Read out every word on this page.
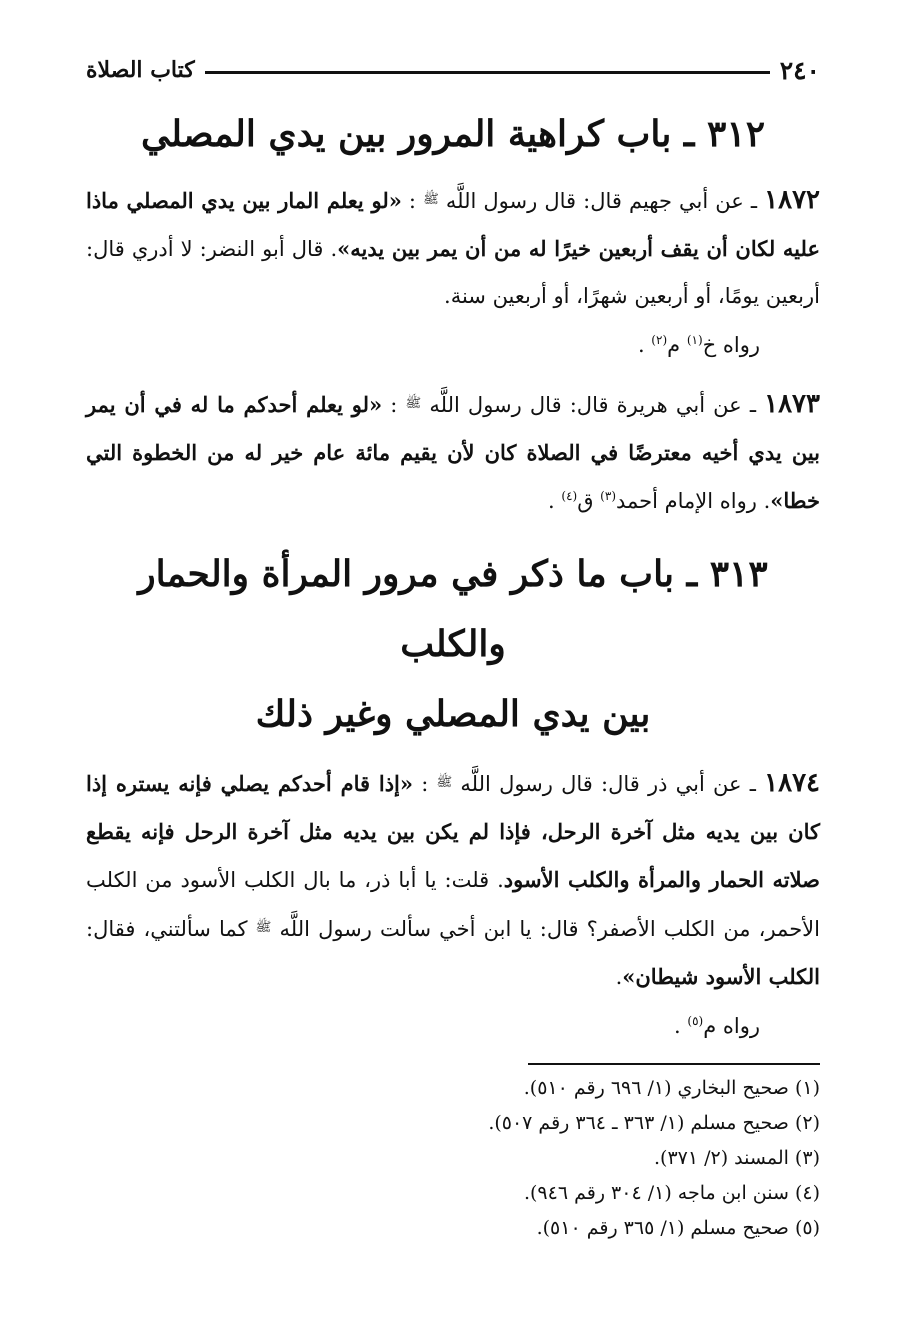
٢٤٠
كتاب الصلاة
٣١٢ ـ باب كراهية المرور بين يدي المصلي

١٨٧٢ ـ عن أبي جهيم قال: قال رسول اللَّه $^ﷺ$ : «لو يعلم المار بين يدي المصلي ماذا عليه لكان أن يقف أربعين خيرًا له من أن يمر بين يديه». قال أبو النضر: لا أدري قال: أربعين يومًا، أو أربعين شهرًا، أو أربعين سنة.

رواه خ$^{(١)}$ م$^{(٢)}$ .

١٨٧٣ ـ عن أبي هريرة قال: قال رسول اللَّه $^ﷺ$ : «لو يعلم أحدكم ما له في أن يمر بين يدي أخيه معترضًا في الصلاة كان لأن يقيم مائة عام خير له من الخطوة التي خطا». رواه الإمام أحمد$^{(٣)}$ ق$^{(٤)}$ .

٣١٣ ـ باب ما ذكر في مرور المرأة والحمار والكلب
بين يدي المصلي وغير ذلك

١٨٧٤ ـ عن أبي ذر قال: قال رسول اللَّه $^ﷺ$ : «إذا قام أحدكم يصلي فإنه يستره إذا كان بين يديه مثل آخرة الرحل، فإذا لم يكن بين يديه مثل آخرة الرحل فإنه يقطع صلاته الحمار والمرأة والكلب الأسود. قلت: يا أبا ذر، ما بال الكلب الأسود من الكلب الأحمر، من الكلب الأصفر؟ قال: يا ابن أخي سألت رسول اللَّه $^ﷺ$ كما سألتني، فقال: الكلب الأسود شيطان».

رواه م$^{(٥)}$ .

(١) صحيح البخاري (١/ ٦٩٦ رقم ٥١٠).

(٢) صحيح مسلم (١/ ٣٦٣ ـ ٣٦٤ رقم ٥٠٧).

(٣) المسند (٢/ ٣٧١).

(٤) سنن ابن ماجه (١/ ٣٠٤ رقم ٩٤٦).

(٥) صحيح مسلم (١/ ٣٦٥ رقم ٥١٠).
